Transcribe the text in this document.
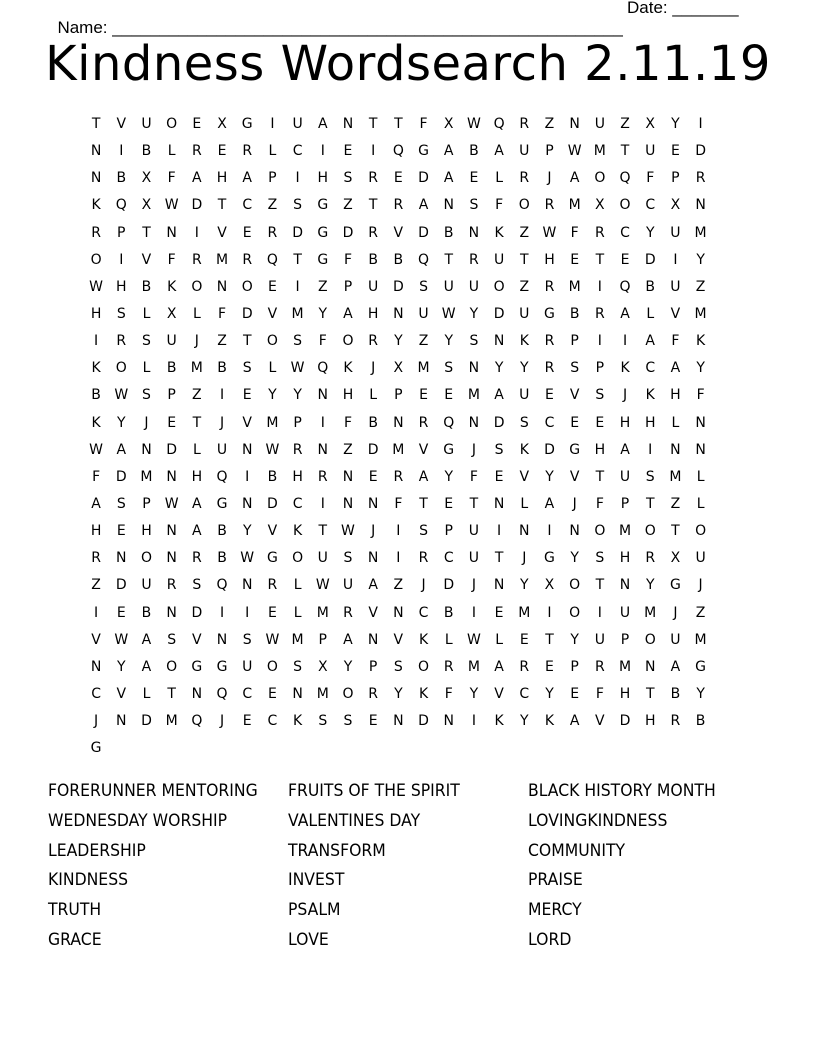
Name: ______________________________________________________

Date: _______

Kindness Wordsearch 2.11.19
T	V	U O	E	X G	I	U	A	N	T	T	F	X W Q R	Z	N U	Z	X	Y	I
N	I	B	L	R	E	R	L	C	I	E	I	Q G A	B	A	U	P W M T	U	E	D
N	B	X	F	A	H	A	P	I	H	S	R	E	D	A	E	L	R	J	A O Q	F	P	R
K	Q X W D	T	C	Z	S	G Z	T	R	A	N	S	F	O R M X O C	X	N
R	P	T	N	I	V	E	R D G D R	V	D B	N	K	Z W F	R	C	Y	U M
O	I	V	F	R M R Q	T	G	F	B	B Q	T	R	U	T	H	E	T	E	D	I	Y
W H	B	K	O N O	E	I	Z	P	U D	S	U U O Z	R M	I	Q B	U	Z
H	S	L	X	L	F	D	V M Y	A	H N U W Y	D U G B	R	A	L	V M
I	R	S	U	J	Z	T	O	S	F	O R	Y	Z	Y	S	N	K	R	P	I	I	A	F	K
K	O	L	B M B	S	L W Q	K	J	X M S	N	Y	Y	R	S	P	K	C	A	Y
B W S	P	Z	I	E	Y	Y	N H	L	P	E	E M A	U	E	V	S	J	K	H	F
K	Y	J	E	T	J	V M P	I	F	B	N	R Q N D	S	C	E	E	H H	L	N
W A	N D	L	U N W R	N	Z	D M V G	J	S	K	D G H	A	I	N N
F	D M N H Q	I	B	H	R	N	E	R	A	Y	F	E	V	Y	V	T	U	S M	L
A	S	P W A G N D C	I	N N	F	T	E	T	N	L	A	J	F	P	T	Z	L
H	E	H N	A	B	Y	V	K	T W	J	I	S	P	U	I	N	I	N O M O	T	O
R	N O N	R	B W G O U	S	N	I	R	C	U	T	J	G	Y	S	H	R	X	U
Z	D U	R	S	Q N	R	L W U	A	Z	J	D	J	N	Y	X O	T	N	Y	G	J
I	E	B	N D	I	I	E	L	M R	V	N	C	B	I	E M	I	O	I	U M	J	Z
V W A	S	V	N	S W M P	A	N	V	K	L W L	E	T	Y	U	P	O U M
N	Y	A O G G U O	S	X	Y	P	S	O R M A	R	E	P	R M N	A G
C	V	L	T	N Q C	E	N M O R	Y	K	F	Y	V	C	Y	E	F	H	T	B	Y
J	N D M Q	J	E	C	K	S	S	E	N D N	I	K	Y	K	A	V	D H	R	B
G
FORERUNNER MENTORING	FRUITS OF THE SPIRIT	BLACK HISTORY MONTH
WEDNESDAY WORSHIP	VALENTINES DAY	LOVINGKINDNESS
LEADERSHIP	TRANSFORM	COMMUNITY
KINDNESS	INVEST	PRAISE
TRUTH	PSALM	MERCY
GRACE	LOVE	LORD
